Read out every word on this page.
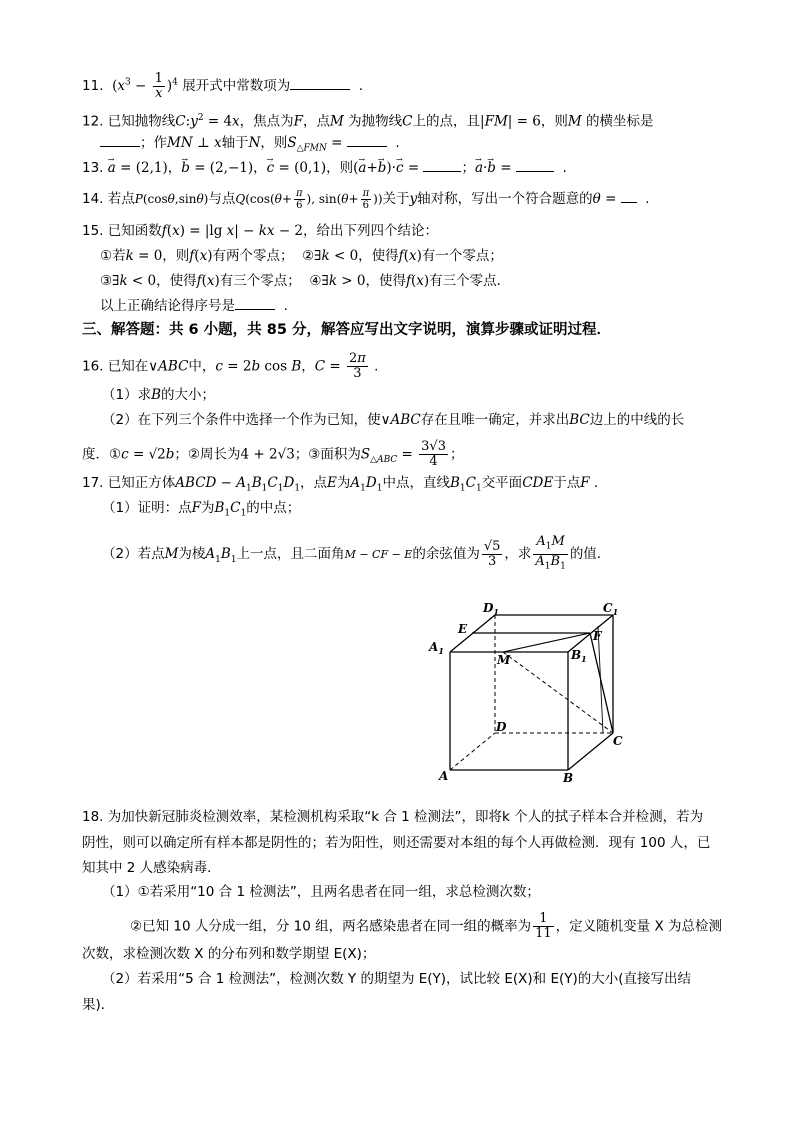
11.  $(x^3 - \frac{1}{x} )^4$ 展开式中常数项为	.
12. 已知抛物线$C:y^2 = 4x$，焦点为F，点M 为抛物线C上的点，且|FM| = 6，则M 的横坐标是
；作MN ⊥ x轴于N，则$S_{\triangle FMN}$ =	.
13. → a = (2,1)，→ b = (2,−1)，→ c = (0,1)，则(→ a+→ b)·→ c =	；→ a·→ b =	.
14. 若点P(cosθ,sinθ)与点$Q(\cos(\theta+ \frac{\pi}{6}$ ), $\sin(\theta+ \frac{\pi}{6}$ ))关于y轴对称，写出一个符合题意的θ =   .
15. 已知函数f(x) = |lg x| − kx − 2，给出下列四个结论：
①若k = 0，则f(x)有两个零点； ②∃k < 0，使得f(x)有一个零点；
③∃k < 0，使得f(x)有三个零点； ④∃k > 0，使得f(x)有三个零点．
以上正确结论得序号是	.
三、解答题：共 6 小题，共 85 分，解答应写出文字说明，演算步骤或证明过程．
16. 已知在∨ABC中，c = 2b cos B，$C = \frac{2\pi}{3}$ .
（1）求B的大小；
（2）在下列三个条件中选择一个作为已知，使∨ABC存在且唯一确定，并求出BC边上的中线的长
度．①c = √2b；②周长为4 + 2√3；③面积为$S_{\triangle ABC} = \frac{3√3}{4}$ ；
17. 已知正方体ABCD − $A_1B_1C_1D_1$，点E为$A_1D_1$中点，直线$B_1C_1$交平面CDE于点F .
（1）证明：点F为$B_1C_1$的中点；
（2）若点M为棱$A_1B_1$上一点，且二面角M − CF − E的余弦值为 $\frac{√5}{3}$ ，求 $\frac{A_1M}{A_1B_1}$ 的值．
$D_1$	$C_1$
E	F
$A_1$
M	$B_1$
D
C
A	B
18. 为加快新冠肺炎检测效率，某检测机构采取“k 合 1 检测法”，即将k 个人的拭子样本合并检测，若为
阴性，则可以确定所有样本都是阴性的；若为阳性，则还需要对本组的每个人再做检测．现有 100 人，已
知其中 2 人感染病毒．
（1）①若采用“10 合 1 检测法”，且两名患者在同一组，求总检测次数；
②已知 10 人分成一组，分 10 组，两名感染患者在同一组的概率为 $\frac{1}{11}$ ，定义随机变量 X 为总检测
次数，求检测次数 X 的分布列和数学期望 E(X)；
（2）若采用“5 合 1 检测法”，检测次数 Y 的期望为 E(Y)，试比较 E(X)和 E(Y)的大小(直接写出结
果)．
